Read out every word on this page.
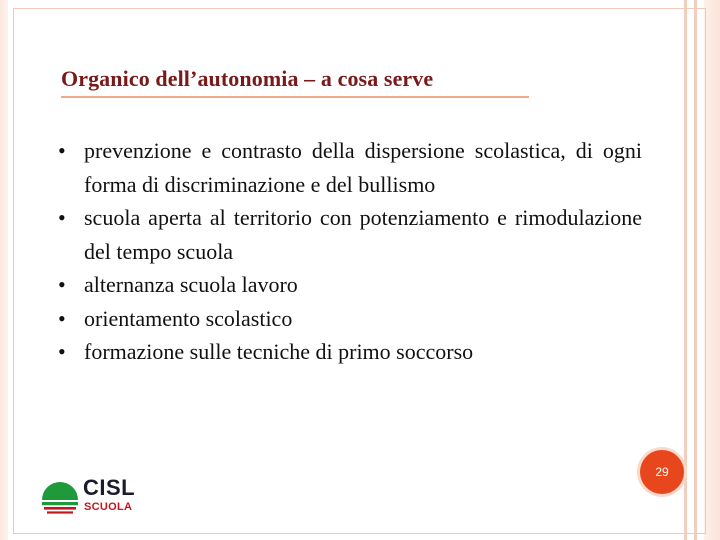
Organico dell’autonomia – a cosa serve
• prevenzione e contrasto della dispersione scolastica, di ogni forma di discriminazione e del bullismo
• scuola aperta al territorio con potenziamento e rimodulazione del tempo scuola
• alternanza scuola lavoro
• orientamento scolastico
• formazione sulle tecniche di primo soccorso
29

CISL

SCUOLA
